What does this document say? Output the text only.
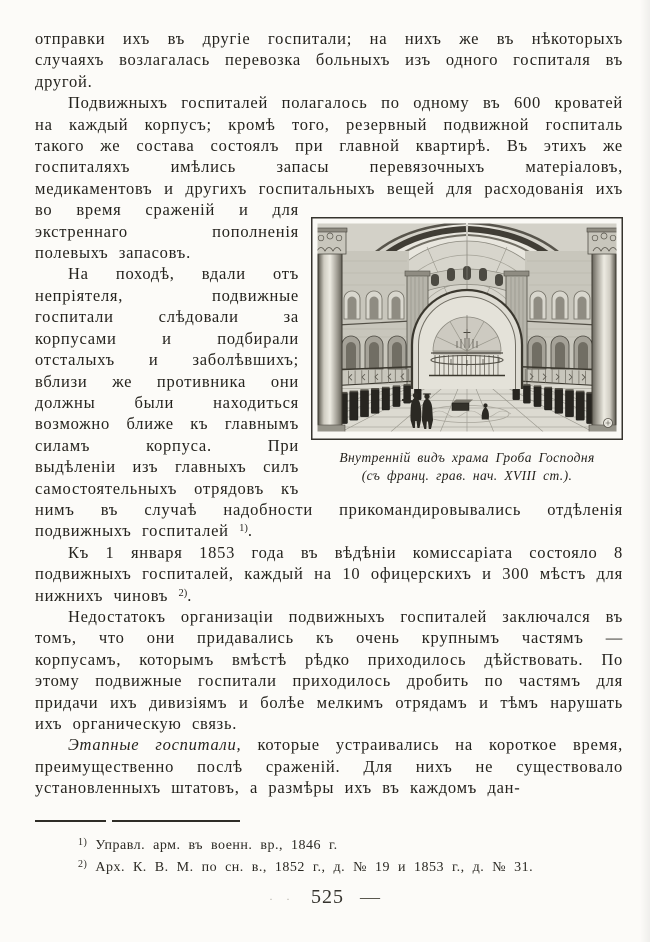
отправки ихъ въ другіе госпитали; на нихъ же въ нѣкоторыхъ случаяхъ возлагалась перевозка больныхъ изъ одного госпиталя въ другой.

Подвижныхъ госпиталей полагалось по одному въ 600 кроватей на каждый корпусъ; кромѣ того, резервный подвижной госпиталь такого же состава состоялъ при главной квартирѣ. Въ этихъ же госпиталяхъ имѣлись запасы перевязочныхъ матеріаловъ, медикаментовъ и другихъ госпитальныхъ вещей для
Внутренній видъ храма Гроба Господня
(съ франц. грав. нач. XVIII ст.).
расходованія ихъ во время сраженій и для экстреннаго пополненія полевыхъ запасовъ.

На походѣ, вдали отъ непріятеля, подвижные госпитали слѣдовали за корпусами и подбирали отсталыхъ и заболѣвшихъ; вблизи же противника они должны были находиться возможно ближе къ главнымъ силамъ корпуса. При выдѣленіи изъ главныхъ силъ самостоятельныхъ отрядовъ къ нимъ въ случаѣ надобности прикомандировывались отдѣленія подвижныхъ госпиталей $^{1)}$.

Къ 1 января 1853 года въ вѣдѣніи комиссаріата состояло 8 подвижныхъ госпиталей, каждый на 10 офицерскихъ и 300 мѣстъ для нижнихъ чиновъ $^{2)}$.

Недостатокъ организаціи подвижныхъ госпиталей заключался въ томъ, что они придавались къ очень крупнымъ частямъ — корпусамъ, которымъ вмѣстѣ рѣдко приходилось дѣйствовать. По этому подвижные госпитали приходилось дробить по частямъ для придачи ихъ дивизіямъ и болѣе мелкимъ отрядамъ и тѣмъ нарушать ихъ органическую связь.

Этапные госпитали, которые устраивались на короткое время, преимущественно послѣ сраженій. Для нихъ не существовало установленныхъ штатовъ, а размѣры ихъ въ каждомъ дан-

$^{1)}$ Управл. арм. въ военн. вр., 1846 г.
$^{2)}$ Арх. К. В. М. по сн. в., 1852 г., д. № 19 и 1853 г., д. № 31.
· · 525 —
